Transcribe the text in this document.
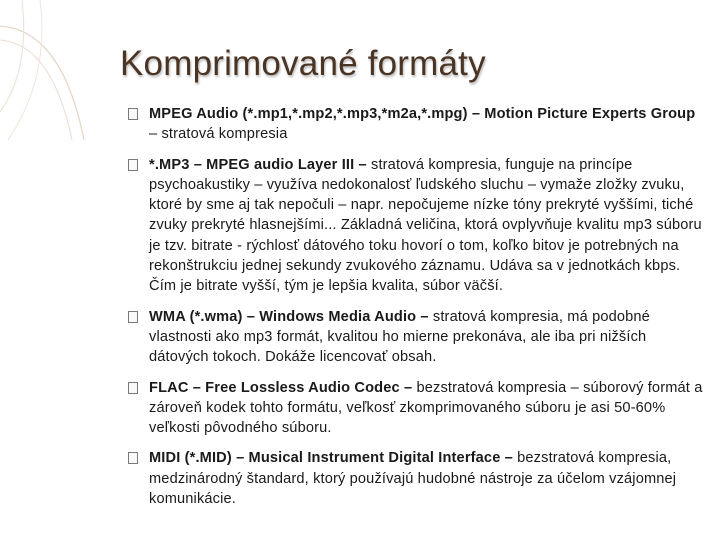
Komprimované formáty
MPEG Audio (*.mp1,*.mp2,*.mp3,*m2a,*.mpg) – Motion Picture Experts Group – stratová kompresia
*.MP3 – MPEG audio Layer III – stratová kompresia, funguje na princípe psychoakustiky – využíva nedokonalosť ľudského sluchu – vymaže zložky zvuku, ktoré by sme aj tak nepočuli – napr. nepočujeme nízke tóny prekryté vyššími, tiché zvuky prekryté hlasnejšími... Základná veličina, ktorá ovplyvňuje kvalitu mp3 súboru je tzv. bitrate - rýchlosť dátového toku hovorí o tom, koľko bitov je potrebných na rekonštrukciu jednej sekundy zvukového záznamu. Udáva sa v jednotkách kbps. Čím je bitrate vyšší, tým je lepšia kvalita, súbor väčší.
WMA (*.wma) – Windows Media Audio – stratová kompresia, má podobné vlastnosti ako mp3 formát, kvalitou ho mierne prekonáva, ale iba pri nižších dátových tokoch. Dokáže licencovať obsah.
FLAC – Free Lossless Audio Codec – bezstratová kompresia – súborový formát a zároveň kodek tohto formátu, veľkosť zkomprimovaného súboru je asi 50-60% veľkosti pôvodného súboru.
MIDI (*.MID) – Musical Instrument Digital Interface – bezstratová kompresia, medzinárodný štandard, ktorý používajú hudobné nástroje za účelom vzájomnej komunikácie.
